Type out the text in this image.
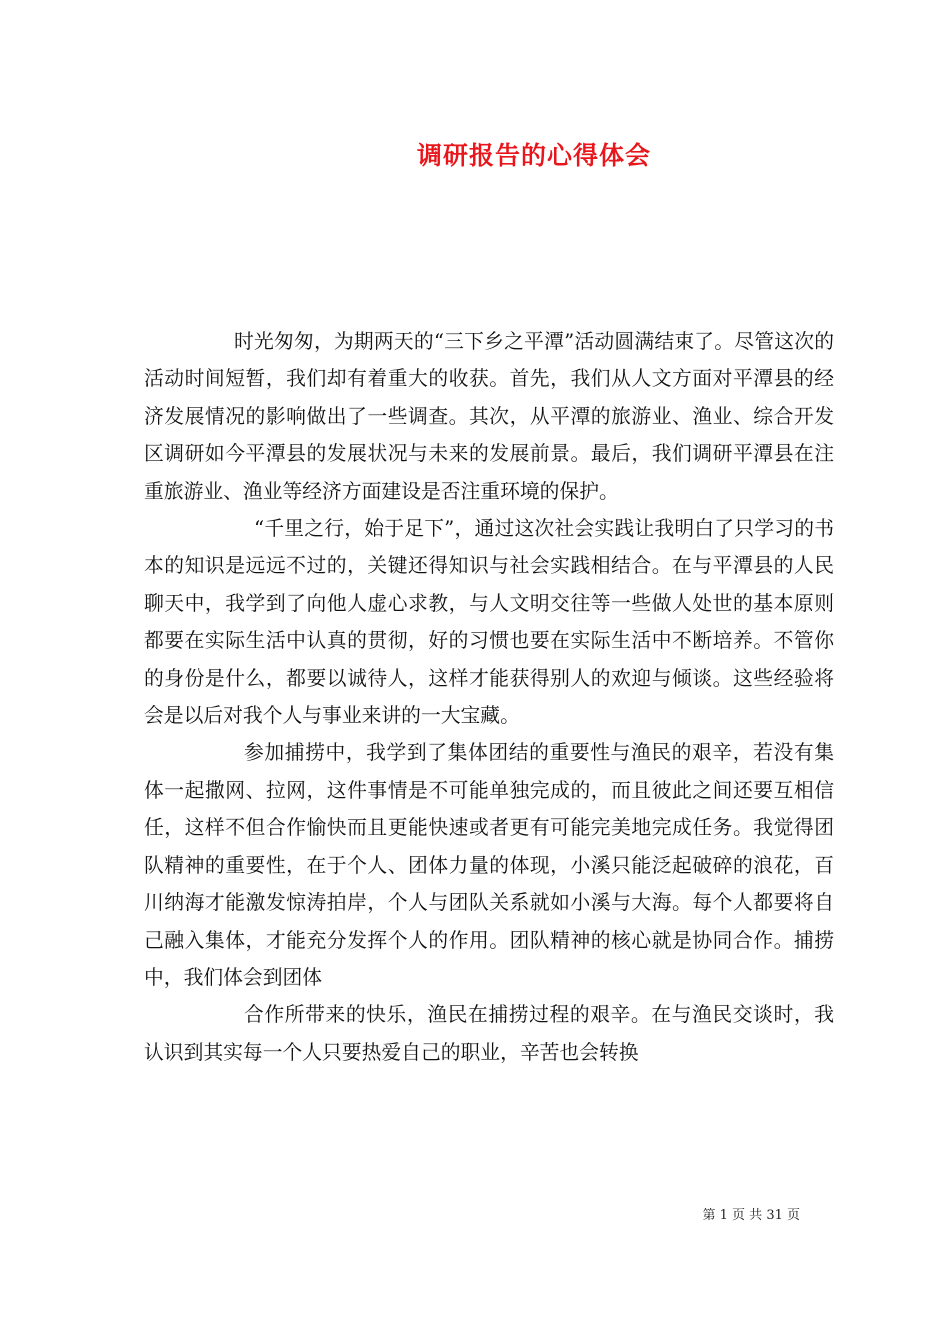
调研报告的心得体会

时光匆匆，为期两天的“三下乡之平潭”活动圆满结束了。尽管这次的活动时间短暂，我们却有着重大的收获。首先，我们从人文方面对平潭县的经济发展情况的影响做出了一些调查。其次，从平潭的旅游业、渔业、综合开发区调研如今平潭县的发展状况与未来的发展前景。最后，我们调研平潭县在注重旅游业、渔业等经济方面建设是否注重环境的保护。

“千里之行，始于足下”，通过这次社会实践让我明白了只学习的书本的知识是远远不过的，关键还得知识与社会实践相结合。在与平潭县的人民聊天中，我学到了向他人虚心求教，与人文明交往等一些做人处世的基本原则都要在实际生活中认真的贯彻，好的习惯也要在实际生活中不断培养。不管你的身份是什么，都要以诚待人，这样才能获得别人的欢迎与倾谈。这些经验将会是以后对我个人与事业来讲的一大宝藏。

参加捕捞中，我学到了集体团结的重要性与渔民的艰辛，若没有集体一起撒网、拉网，这件事情是不可能单独完成的，而且彼此之间还要互相信任，这样不但合作愉快而且更能快速或者更有可能完美地完成任务。我觉得团队精神的重要性，在于个人、团体力量的体现，小溪只能泛起破碎的浪花，百川纳海才能激发惊涛拍岸，个人与团队关系就如小溪与大海。每个人都要将自己融入集体，才能充分发挥个人的作用。团队精神的核心就是协同合作。捕捞中，我们体会到团体

合作所带来的快乐，渔民在捕捞过程的艰辛。在与渔民交谈时，我认识到其实每一个人只要热爱自己的职业，辛苦也会转换

第 1 页 共 31 页
